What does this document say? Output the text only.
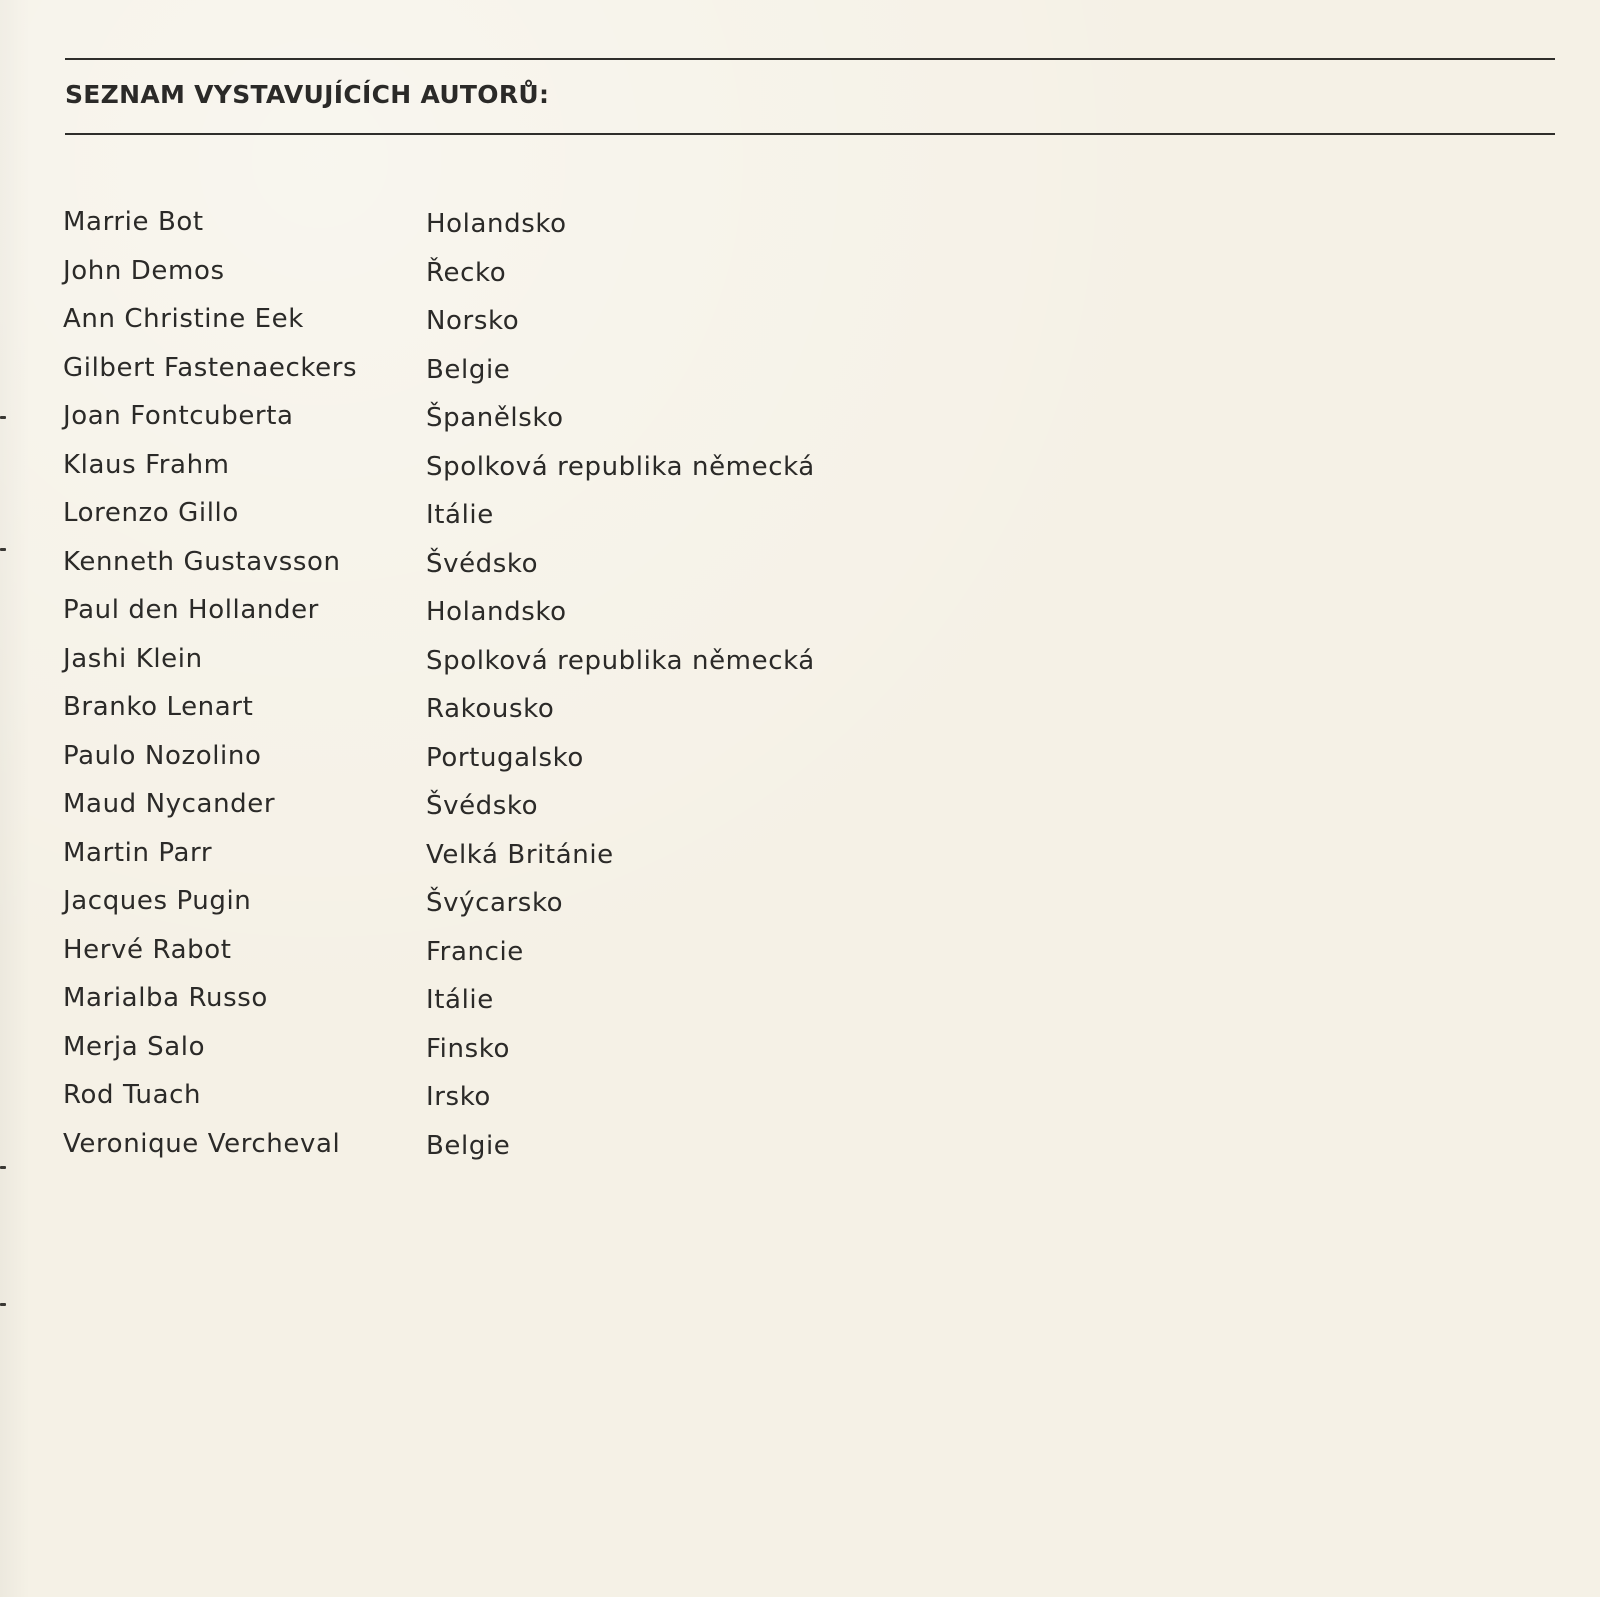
SEZNAM VYSTAVUJÍCÍCH AUTORŮ:
Marrie Bot	Holandsko
John Demos	Řecko
Ann Christine Eek	Norsko
Gilbert Fastenaeckers	Belgie
Joan Fontcuberta	Španělsko
Klaus Frahm	Spolková republika německá
Lorenzo Gillo	Itálie
Kenneth Gustavsson	Švédsko
Paul den Hollander	Holandsko
Jashi Klein	Spolková republika německá
Branko Lenart	Rakousko
Paulo Nozolino	Portugalsko
Maud Nycander	Švédsko
Martin Parr	Velká Británie
Jacques Pugin	Švýcarsko
Hervé Rabot	Francie
Marialba Russo	Itálie
Merja Salo	Finsko
Rod Tuach	Irsko
Veronique Vercheval	Belgie
